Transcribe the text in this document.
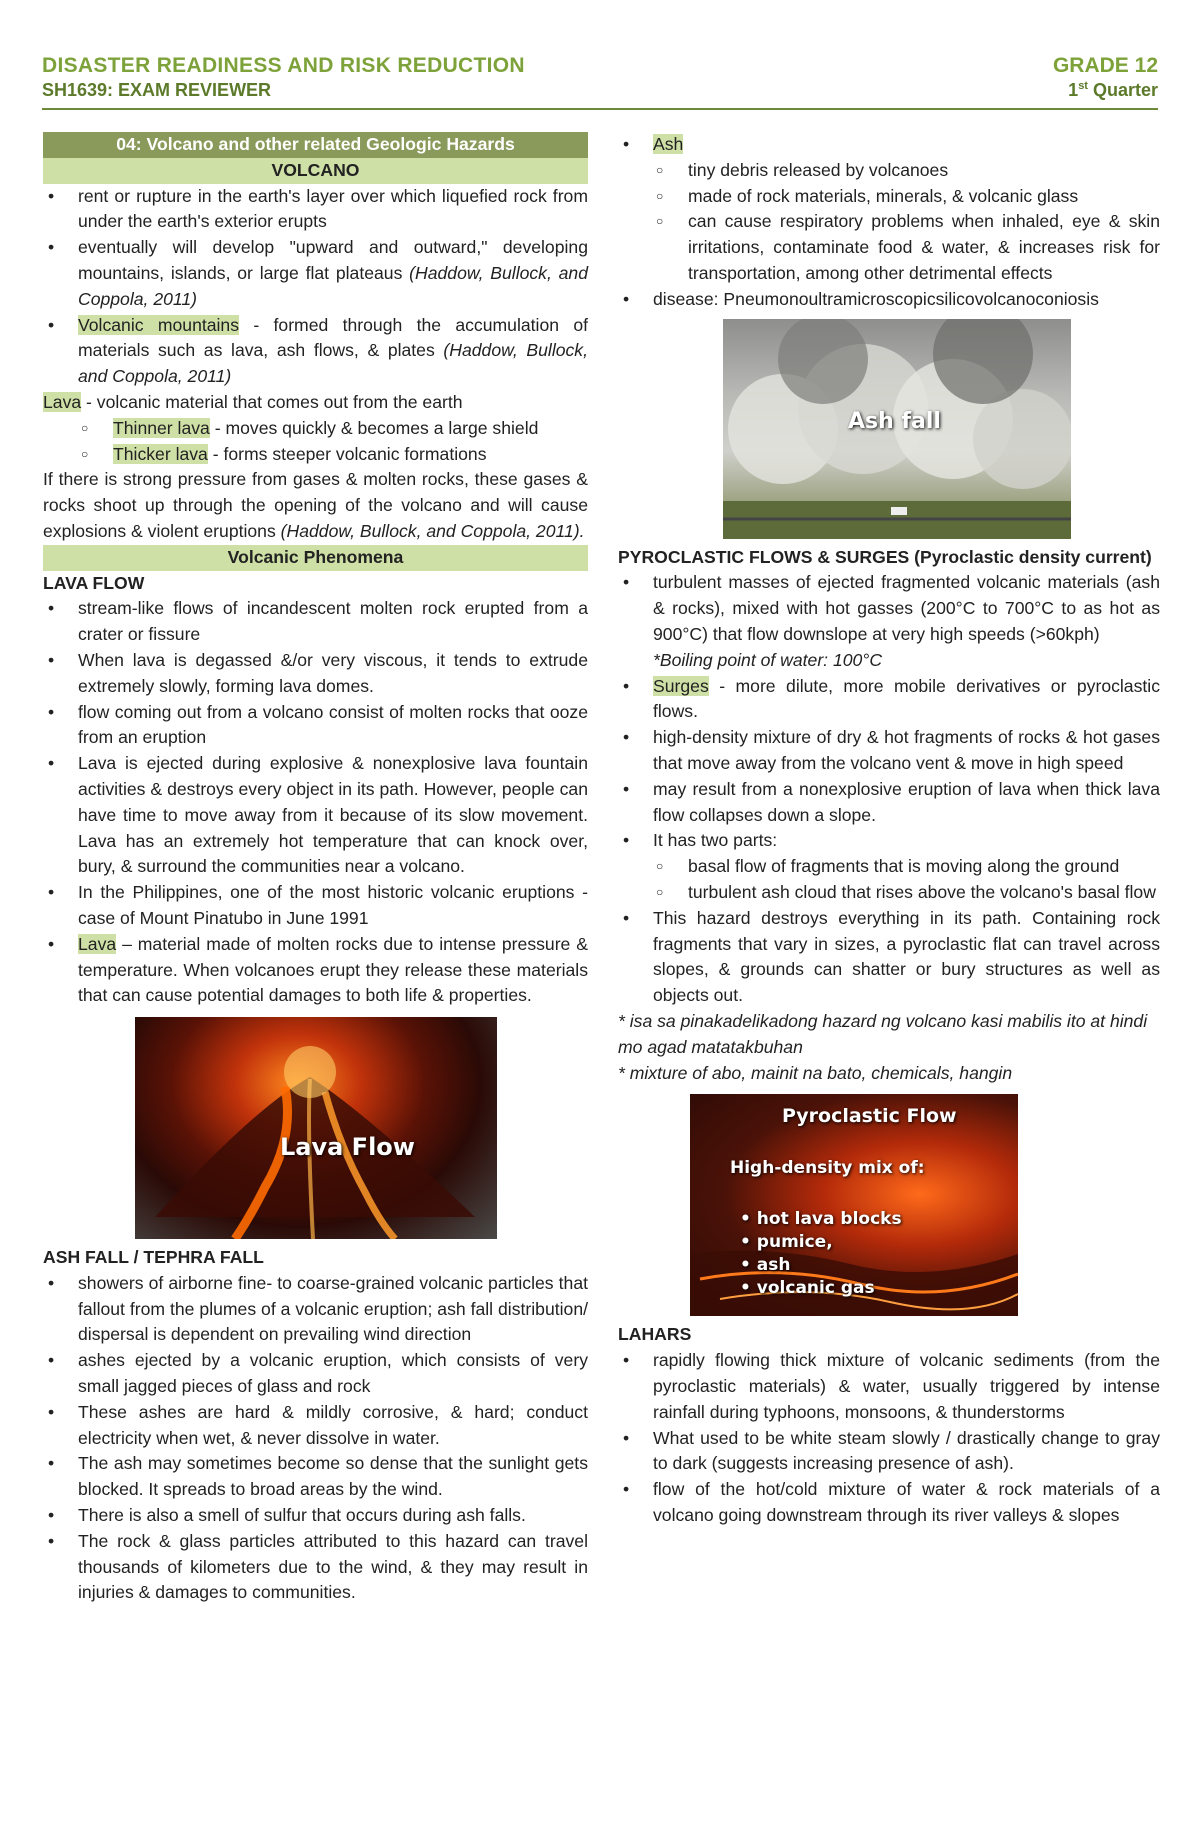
DISASTER READINESS AND RISK REDUCTION
SH1639: EXAM REVIEWER
GRADE 12
1st Quarter
04: Volcano and other related Geologic Hazards
VOLCANO
• rent or rupture in the earth's layer over which liquefied rock from under the earth's exterior erupts
• eventually will develop "upward and outward," developing mountains, islands, or large flat plateaus (Haddow, Bullock, and Coppola, 2011)
• Volcanic mountains - formed through the accumulation of materials such as lava, ash flows, & plates (Haddow, Bullock, and Coppola, 2011)
Lava - volcanic material that comes out from the earth
○ Thinner lava - moves quickly & becomes a large shield
○ Thicker lava - forms steeper volcanic formations
If there is strong pressure from gases & molten rocks, these gases & rocks shoot up through the opening of the volcano and will cause explosions & violent eruptions (Haddow, Bullock, and Coppola, 2011).
Volcanic Phenomena
LAVA FLOW
• stream-like flows of incandescent molten rock erupted from a crater or fissure
• When lava is degassed &/or very viscous, it tends to extrude extremely slowly, forming lava domes.
• flow coming out from a volcano consist of molten rocks that ooze from an eruption
• Lava is ejected during explosive & nonexplosive lava fountain activities & destroys every object in its path. However, people can have time to move away from it because of its slow movement. Lava has an extremely hot temperature that can knock over, bury, & surround the communities near a volcano.
• In the Philippines, one of the most historic volcanic eruptions - case of Mount Pinatubo in June 1991
• Lava – material made of molten rocks due to intense pressure & temperature. When volcanoes erupt they release these materials that can cause potential damages to both life & properties.
Lava Flow
ASH FALL / TEPHRA FALL
• showers of airborne fine- to coarse-grained volcanic particles that fallout from the plumes of a volcanic eruption; ash fall distribution/ dispersal is dependent on prevailing wind direction
• ashes ejected by a volcanic eruption, which consists of very small jagged pieces of glass and rock
• These ashes are hard & mildly corrosive, & hard; conduct electricity when wet, & never dissolve in water.
• The ash may sometimes become so dense that the sunlight gets blocked. It spreads to broad areas by the wind.
• There is also a smell of sulfur that occurs during ash falls.
• The rock & glass particles attributed to this hazard can travel thousands of kilometers due to the wind, & they may result in injuries & damages to communities.
• Ash
○ tiny debris released by volcanoes
○ made of rock materials, minerals, & volcanic glass
○ can cause respiratory problems when inhaled, eye & skin irritations, contaminate food & water, & increases risk for transportation, among other detrimental effects
• disease: Pneumonoultramicroscopicsilicovolcanoconiosis
Ash fall
PYROCLASTIC FLOWS & SURGES (Pyroclastic density current)
• turbulent masses of ejected fragmented volcanic materials (ash & rocks), mixed with hot gasses (200°C to 700°C to as hot as 900°C) that flow downslope at very high speeds (>60kph)
*Boiling point of water: 100°C
• Surges - more dilute, more mobile derivatives or pyroclastic flows.
• high-density mixture of dry & hot fragments of rocks & hot gases that move away from the volcano vent & move in high speed
• may result from a nonexplosive eruption of lava when thick lava flow collapses down a slope.
• It has two parts:
○ basal flow of fragments that is moving along the ground
○ turbulent ash cloud that rises above the volcano's basal flow
• This hazard destroys everything in its path. Containing rock fragments that vary in sizes, a pyroclastic flat can travel across slopes, & grounds can shatter or bury structures as well as objects out.
* isa sa pinakadelikadong hazard ng volcano kasi mabilis ito at hindi mo agad matatakbuhan
* mixture of abo, mainit na bato, chemicals, hangin
Pyroclastic Flow
High-density mix of:
• hot lava blocks
• pumice,
• ash
• volcanic gas
LAHARS
• rapidly flowing thick mixture of volcanic sediments (from the pyroclastic materials) & water, usually triggered by intense rainfall during typhoons, monsoons, & thunderstorms
• What used to be white steam slowly / drastically change to gray to dark (suggests increasing presence of ash).
• flow of the hot/cold mixture of water & rock materials of a volcano going downstream through its river valleys & slopes
